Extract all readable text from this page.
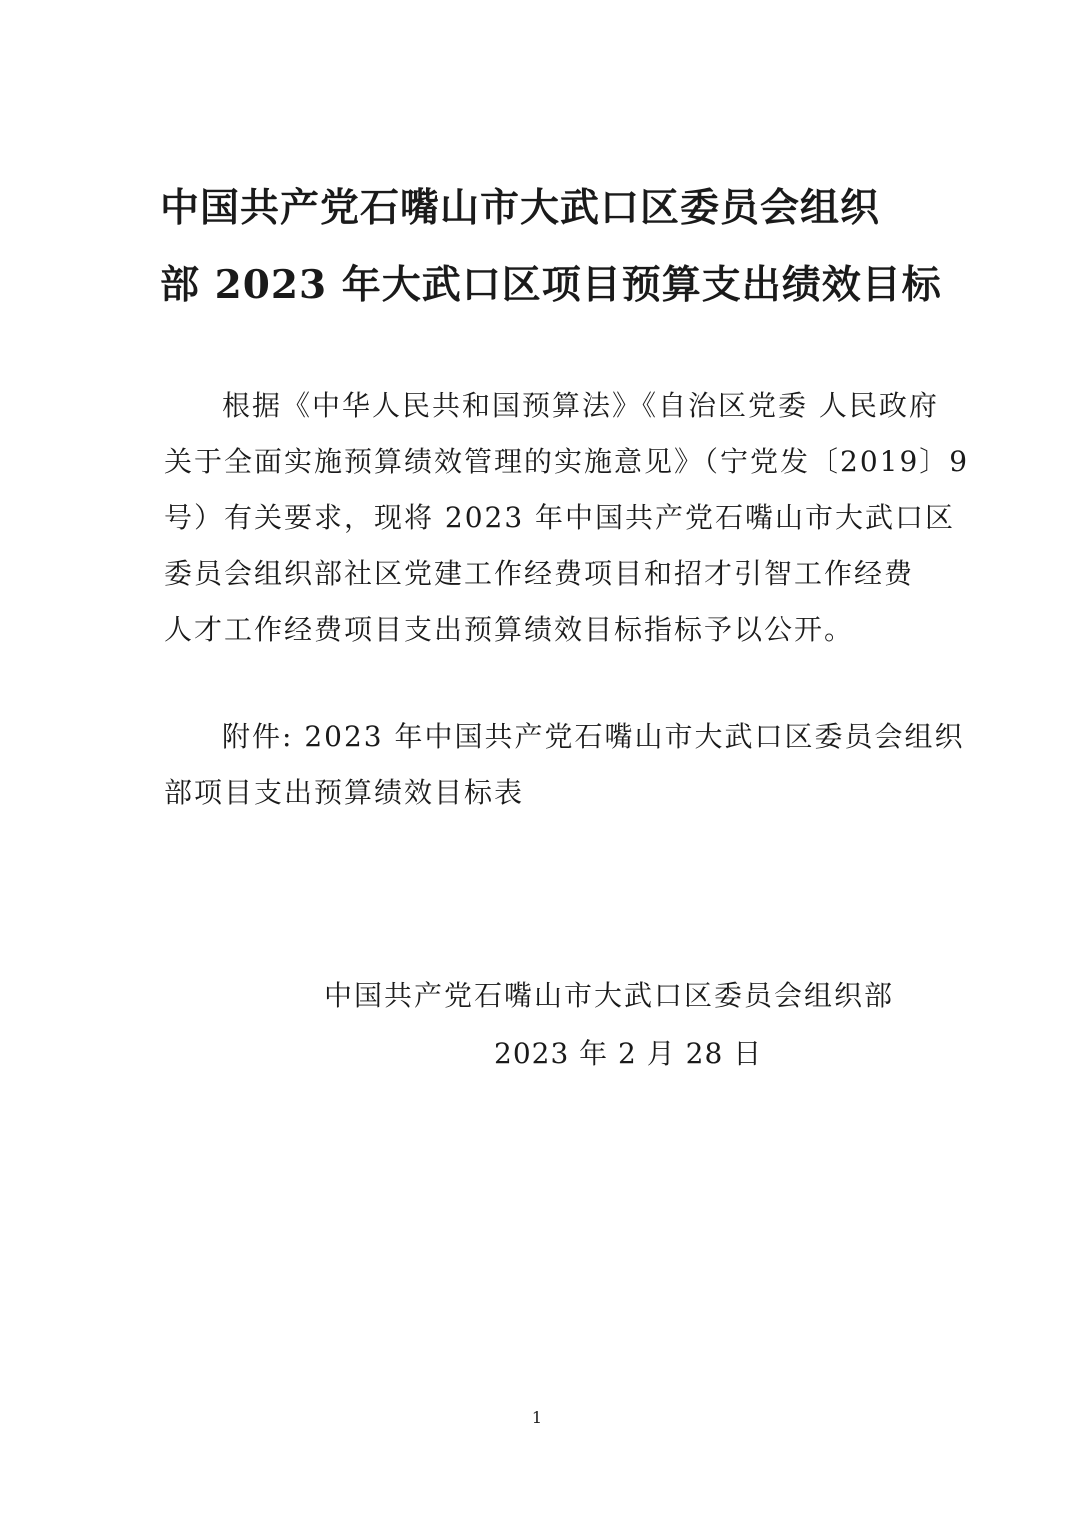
中国共产党石嘴山市大武口区委员会组织
部 2023 年大武口区项目预算支出绩效目标
根据《中华人民共和国预算法》《自治区党委 人民政府
关于全面实施预算绩效管理的实施意见》（宁党发〔2019〕9
号）有关要求，现将 2023 年中国共产党石嘴山市大武口区
委员会组织部社区党建工作经费项目和招才引智工作经费
人才工作经费项目支出预算绩效目标指标予以公开。
附件: 2023 年中国共产党石嘴山市大武口区委员会组织
部项目支出预算绩效目标表
中国共产党石嘴山市大武口区委员会组织部
2023 年 2 月 28 日
1
